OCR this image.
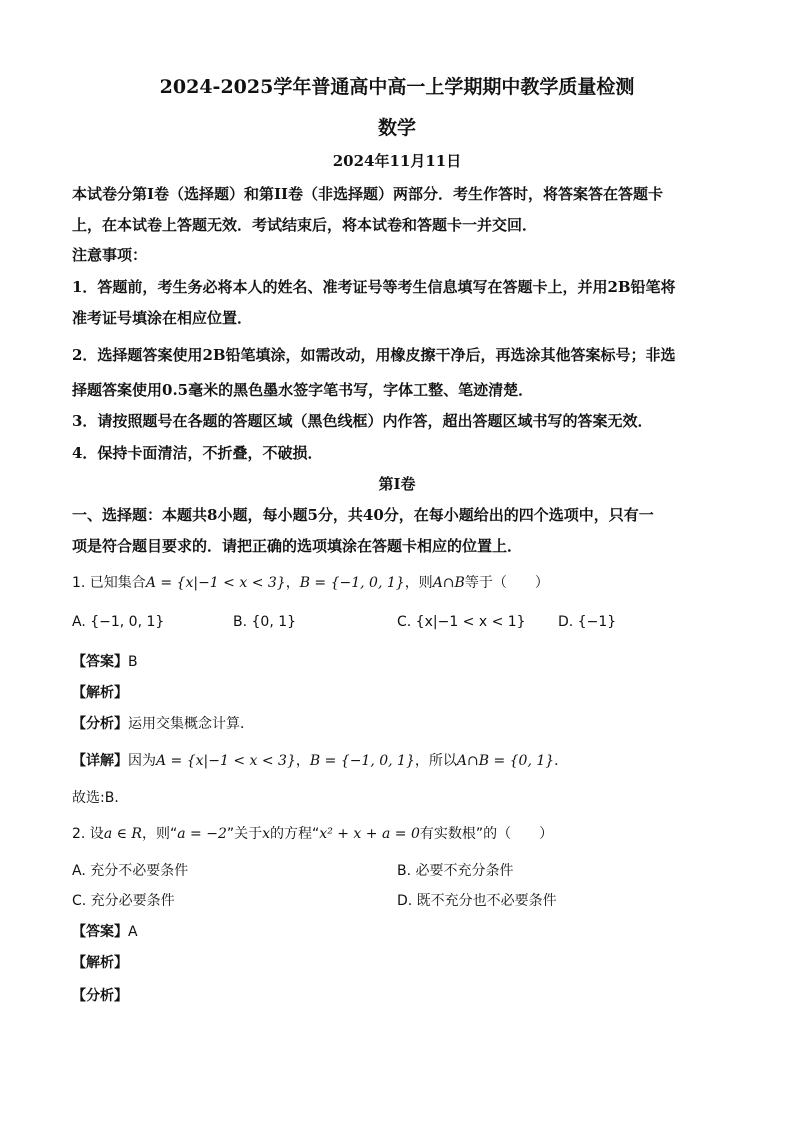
2024-2025学年普通高中高一上学期期中教学质量检测
数学
2024年11月11日
本试卷分第I卷（选择题）和第II卷（非选择题）两部分．考生作答时，将答案答在答题卡
上，在本试卷上答题无效．考试结束后，将本试卷和答题卡一并交回．
注意事项：
1．答题前，考生务必将本人的姓名、准考证号等考生信息填写在答题卡上，并用2B铅笔将
准考证号填涂在相应位置．
2．选择题答案使用2B铅笔填涂，如需改动，用橡皮擦干净后，再选涂其他答案标号；非选
择题答案使用0.5毫米的黑色墨水签字笔书写，字体工整、笔迹清楚．
3．请按照题号在各题的答题区域（黑色线框）内作答，超出答题区域书写的答案无效．
4．保持卡面清洁，不折叠，不破损．
第I卷
一、选择题：本题共8小题，每小题5分，共40分，在每小题给出的四个选项中，只有一
项是符合题目要求的．请把正确的选项填涂在答题卡相应的位置上．
1. 已知集合A = {x|−1 < x < 3}，B = {−1, 0, 1}，则A∩B等于（　　）
A. {−1, 0, 1}	B. {0, 1}	C. {x|−1 < x < 1} D. {−1}
【答案】B
【解析】
【分析】运用交集概念计算．
【详解】因为A = {x|−1 < x < 3}，B = {−1, 0, 1}，所以A∩B = {0, 1}．
故选:B．
2. 设a ∈ R，则“a = −2”关于x的方程“x² + x + a = 0有实数根”的（　　）
A. 充分不必要条件	B. 必要不充分条件
C. 充分必要条件	D. 既不充分也不必要条件
【答案】A
【解析】
【分析】
